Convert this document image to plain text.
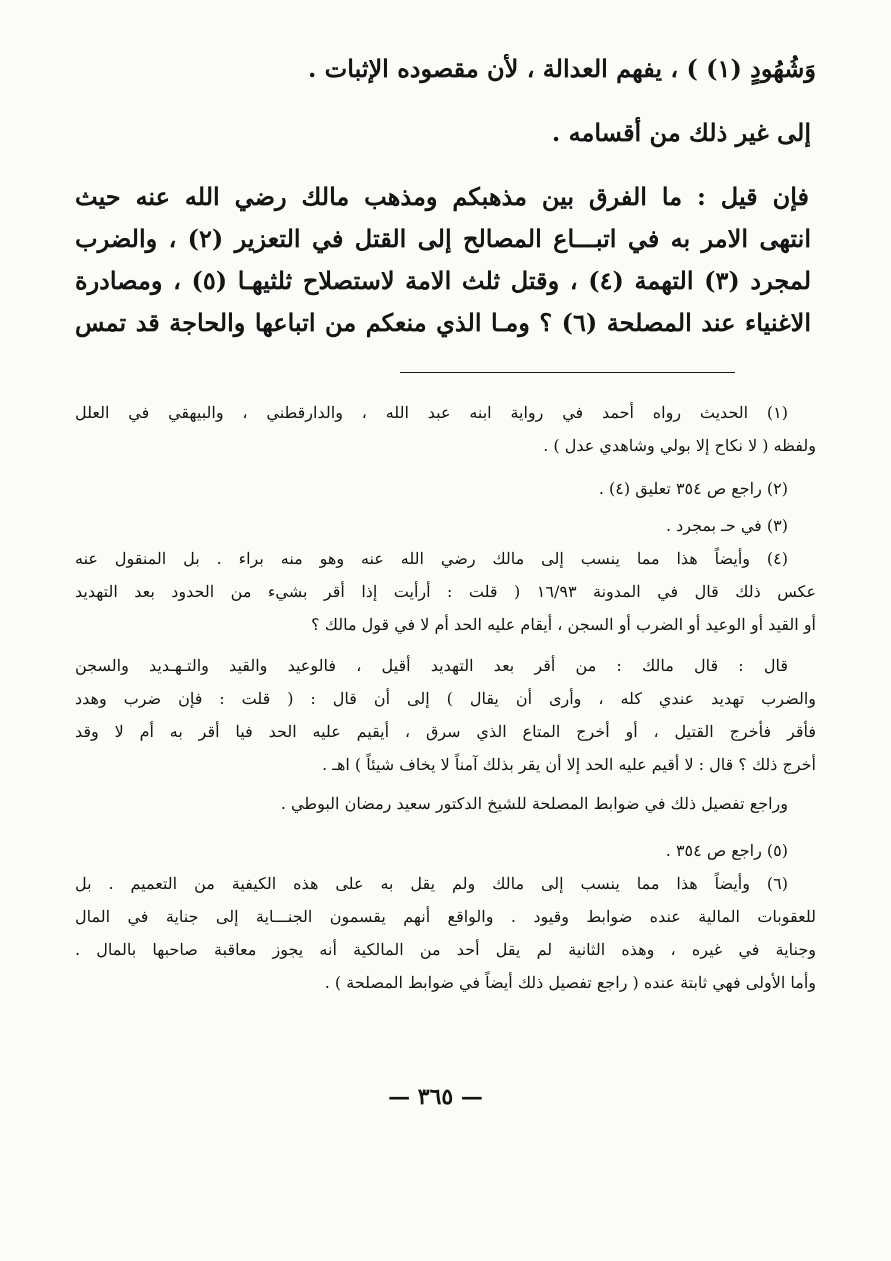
وَشُهُودٍ (١) ) ، يفهم العدالة ، لأن مقصوده الإثبات .
إلى غير ذلك من أقسامه .
فإن قيل : ما الفرق بين مذهبكم ومذهب مالك رضي الله عنه حيث
انتهى الامر به في اتبـــاع المصالح إلى القتل في التعزير (٢) ، والضرب
لمجرد (٣) التهمة (٤) ، وقتل ثلث الامة لاستصلاح ثلثيهـا (٥) ، ومصادرة
الاغنياء عند المصلحة (٦) ؟ ومـا الذي منعكم من اتباعها والحاجة قد تمس
(١) الحديث رواه أحمد في رواية ابنه عبد الله ، والدارقطني ، والبيهقي في العلل
ولفظه ( لا نكاح إلا بولي وشاهدي عدل ) .
(٢) راجع ص ٣٥٤ تعليق (٤) .
(٣) في حـ بمجرد .
(٤) وأيضاً هذا مما ينسب إلى مالك رضي الله عنه وهو منه براء . بل المنقول عنه
عكس ذلك قال في المدونة ١٦/٩٣ ( قلت : أرأيت إذا أقر بشيء من الحدود بعد التهديد
أو القيد أو الوعيد أو الضرب أو السجن ، أيقام عليه الحد أم لا في قول مالك ؟
قال : قال مالك : من أقر بعد التهديد أقيل ، فالوعيد والقيد والتـهـديد والسجن
والضرب تهديد عندي كله ، وأرى أن يقال ) إلى أن قال : ( قلت : فإن ضرب وهدد
فأقر فأخرج القتيل ، أو أخرج المتاع الذي سرق ، أيقيم عليه الحد فيا أقر به أم لا وقد
أخرج ذلك ؟ قال : لا أقيم عليه الحد إلا أن يقر بذلك آمناً لا يخاف شيئاً ) اهـ .
وراجع تفصيل ذلك في ضوابط المصلحة للشيخ الدكتور سعيد رمضان البوطي .
(٥) راجع ص ٣٥٤ .
(٦) وأيضاً هذا مما ينسب إلى مالك ولم يقل به على هذه الكيفية من التعميم . بل
للعقوبات المالية عنده ضوابط وقيود . والواقع أنهم يقسمون الجنـــاية إلى جناية في المال
وجناية في غيره ، وهذه الثانية لم يقل أحد من المالكية أنه يجوز معاقبة صاحبها بالمال .
وأما الأولى فهي ثابتة عنده ( راجع تفصيل ذلك أيضاً في ضوابط المصلحة ) .
— ٣٦٥ —
